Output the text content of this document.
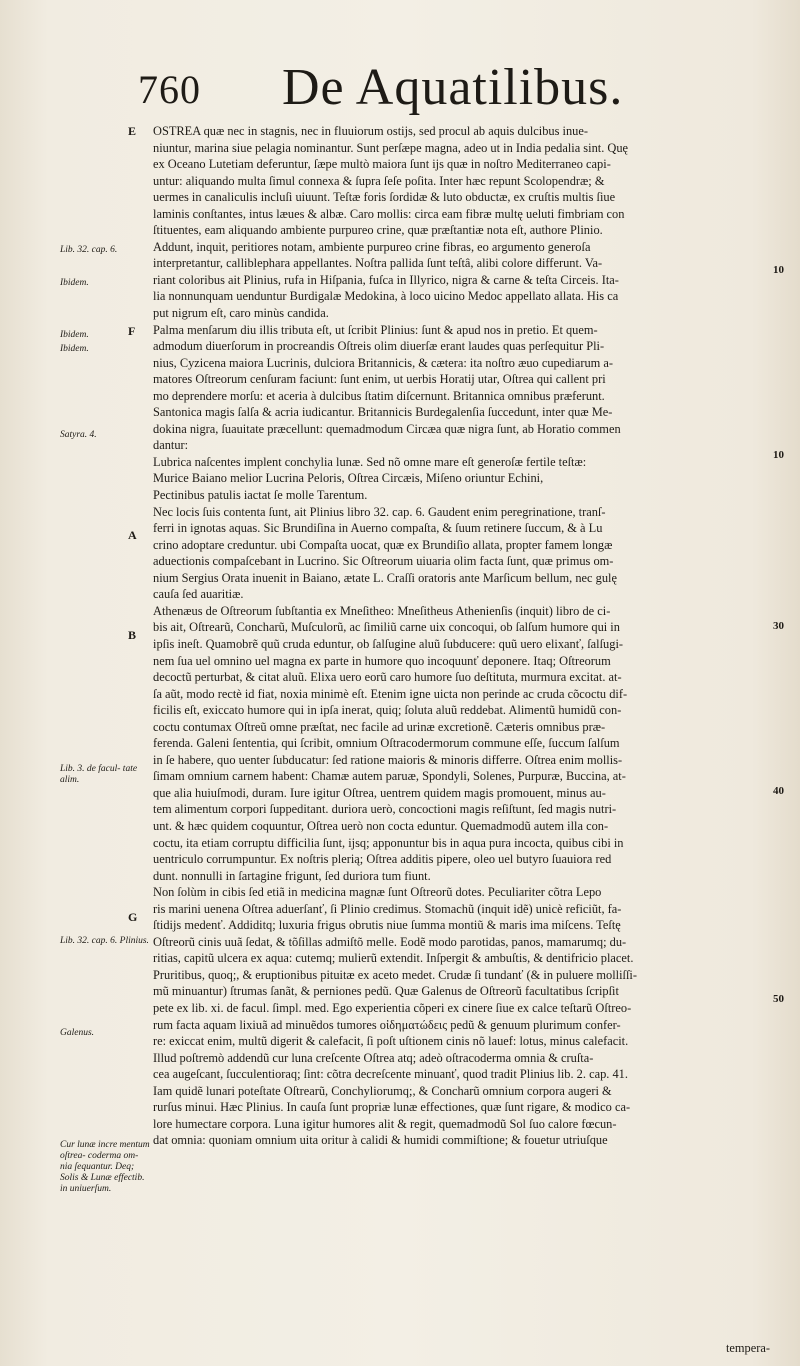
760 De Aquatilibus.
OSTREA quæ nec in stagnis, nec in fluuiorum ostijs, sed procul ab aquis dulcibus inue-
niuntur, marina siue pelagia nominantur. Sunt perſæpe magna, adeo ut in India pedalia sint. Quę
ex Oceano Lutetiam deferuntur, ſæpe multò maiora ſunt ijs quæ in noſtro Mediterraneo capi-
untur: aliquando multa ſimul connexa & ſupra ſeſe poſita. Inter hæc repunt Scolopendræ; &
uermes in canaliculis incluſi uiuunt. Teſtæ foris ſordidæ & luto obductæ, ex cruſtis multis ſiue
laminis conſtantes, intus læues & albæ. Caro mollis: circa eam fibræ multę ueluti fimbriam con
ſtituentes, eam aliquando ambiente purpureo crine, quæ præſtantiæ nota eſt, authore Plinio.
Addunt, inquit, peritiores notam, ambiente purpureo crine fibras, eo argumento generoſa
interpretantur, calliblephara appellantes. Noſtra pallida ſunt teſtâ, alibi colore differunt. Va-
riant coloribus ait Plinius, rufa in Hiſpania, fuſca in Illyrico, nigra & carne & teſta Circeis. Ita-
lia nonnunquam uenduntur Burdigalæ Medokina, à loco uicino Medoc appellato allata. His ca
put nigrum eſt, caro minùs candida.
Palma menſarum diu illis tributa eſt, ut ſcribit Plinius: ſunt & apud nos in pretio. Et quem-
admodum diuerſorum in procreandis Oſtreis olim diuerſæ erant laudes quas perſequitur Pli-
nius, Cyzicena maiora Lucrinis, dulciora Britannicis, & cætera: ita noſtro æuo cupediarum a-
matores Oſtreorum cenſuram faciunt: ſunt enim, ut uerbis Horatij utar, Oſtrea qui callent pri
mo deprendere morſu: et aceria à dulcibus ſtatim diſcernunt. Britannica omnibus præferunt.
Santonica magis ſalſa & acria iudicantur. Britannicis Burdegalenſia ſuccedunt, inter quæ Me-
dokina nigra, ſuauitate præcellunt: quemadmodum Circæa quæ nigra ſunt, ab Horatio commen
dantur:
Lubrica naſcentes implent conchylia lunæ. Sed nõ omne mare eſt generoſæ fertile teſtæ:
Murice Baiano melior Lucrina Peloris, Oſtrea Circæis, Miſeno oriuntur Echini,
Pectinibus patulis iactat ſe molle Tarentum.
Nec locis ſuis contenta ſunt, ait Plinius libro 32. cap. 6. Gaudent enim peregrinatione, tranſ-
ferri in ignotas aquas. Sic Brundiſina in Auerno compaſta, & ſuum retinere ſuccum, & à Lu
crino adoptare creduntur. ubi Compaſta uocat, quæ ex Brundiſio allata, propter famem longæ
aduectionis compaſcebant in Lucrino. Sic Oſtreorum uiuaria olim facta ſunt, quæ primus om-
nium Sergius Orata inuenit in Baiano, ætate L. Craſſi oratoris ante Marſicum bellum, nec gulę
cauſa ſed auaritiæ.
Athenæus de Oſtreorum ſubſtantia ex Mneſitheo: Mneſitheus Athenienſis (inquit) libro de ci-
bis ait, Oſtrearũ, Concharũ, Muſculorũ, ac ſimiliũ carne uix concoqui, ob ſalſum humore qui in
ipſis ineſt. Quamobrẽ quũ cruda eduntur, ob ſalſugine aluũ ſubducere: quũ uero elixanť, ſalſugi-
nem ſua uel omnino uel magna ex parte in humore quo incoquunť deponere. Itaq; Oſtreorum
decoctũ perturbat, & citat aluũ. Elixa uero eorũ caro humore ſuo deſtituta, murmura excitat. at-
ſa aũt, modo rectè id fiat, noxia minimè eſt. Etenim igne uicta non perinde ac cruda cõcoctu dif-
ficilis eſt, exiccato humore qui in ipſa inerat, quiq; ſoluta aluũ reddebat. Alimentũ humidũ con-
coctu contumax Oſtreũ omne præſtat, nec facile ad urinæ excretionẽ. Cæteris omnibus præ-
ferenda. Galeni ſententia, qui ſcribit, omnium Oſtracodermorum commune eſſe, ſuccum ſalſum
in ſe habere, quo uenter ſubducatur: ſed ratione maioris & minoris differre. Oſtrea enim mollis-
ſimam omnium carnem habent: Chamæ autem paruæ, Spondyli, Solenes, Purpuræ, Buccina, at-
que alia huiuſmodi, duram. Iure igitur Oſtrea, uentrem quidem magis promouent, minus au-
tem alimentum corpori ſuppeditant. duriora uerò, concoctioni magis reſiſtunt, ſed magis nutri-
unt. & hæc quidem coquuntur, Oſtrea uerò non cocta eduntur. Quemadmodũ autem illa con-
coctu, ita etiam corruptu difficilia ſunt, ijsq; apponuntur bis in aqua pura incocta, quibus cibi in
uentriculo corrumpuntur. Ex noſtris plerią; Oſtrea additis pipere, oleo uel butyro ſuauiora red
dunt. nonnulli in ſartagine frigunt, ſed duriora tum fiunt.
Non ſolùm in cibis ſed etiã in medicina magnæ ſunt Oſtreorũ dotes. Peculiariter cõtra Lepo
ris marini uenena Oſtrea aduerſanť, ſi Plinio credimus. Stomachũ (inquit idẽ) unicè reficiũt, fa-
ſtidijs medenť. Addiditq; luxuria frigus obrutis niue ſumma montiũ & maris ima miſcens. Teſtę
Oſtreorũ cinis uuã ſedat, & tõſillas admiſtõ melle. Eodẽ modo parotidas, panos, mamarumq; du-
ritias, capitũ ulcera ex aqua: cutemq; mulierũ extendit. Inſpergit & ambuſtis, & dentifricio placet.
Pruritibus, quoq;, & eruptionibus pituitæ ex aceto medet. Crudæ ſi tundanť (& in puluere molliſſi-
mũ minuantur) ſtrumas ſanãt, & perniones pedũ. Quæ Galenus de Oſtreorũ facultatibus ſcripſit
pete ex lib. xi. de facul. ſimpl. med. Ego experientia cõperi ex cinere ſiue ex calce teſtarũ Oſtreo-
rum facta aquam lixiuã ad minuẽdos tumores οἰδηματώδεις pedũ & genuum plurimum confer-
re: exiccat enim, multũ digerit & calefacit, ſi poſt uſtionem cinis nõ lauef: lotus, minus calefacit.
Illud poſtremò addendũ cur luna creſcente Oſtrea atq; adeò oſtracoderma omnia & cruſta-
cea augeſcant, ſucculentioraq; ſint: cõtra decreſcente minuanť, quod tradit Plinius lib. 2. cap. 41.
Iam quidẽ lunari poteſtate Oſtrearũ, Conchyliorumq;, & Concharũ omnium corpora augeri &
rurſus minui. Hæc Plinius. In cauſa ſunt propriæ lunæ effectiones, quæ ſunt rigare, & modico ca-
lore humectare corpora. Luna igitur humores alit & regit, quemadmodũ Sol ſuo calore fœcun-
dat omnia: quoniam omnium uita oritur à calidi & humidi commiſtione; & fouetur utriuſque
Lib. 32. cap. 6.
Ibidem.
Ibidem.
Ibidem.
Satyra. 4.
Lib. 3. de facul- tate alim.
Lib. 32. cap. 6. Plinius.
Galenus.
Cur lunæ incre mentum oſtrea- coderma om- nia ſequantur. Deq; Solis & Lunæ effectib. in uniuerſum.
E
F
A
B
G
10
10
30
40
50
tempera-
